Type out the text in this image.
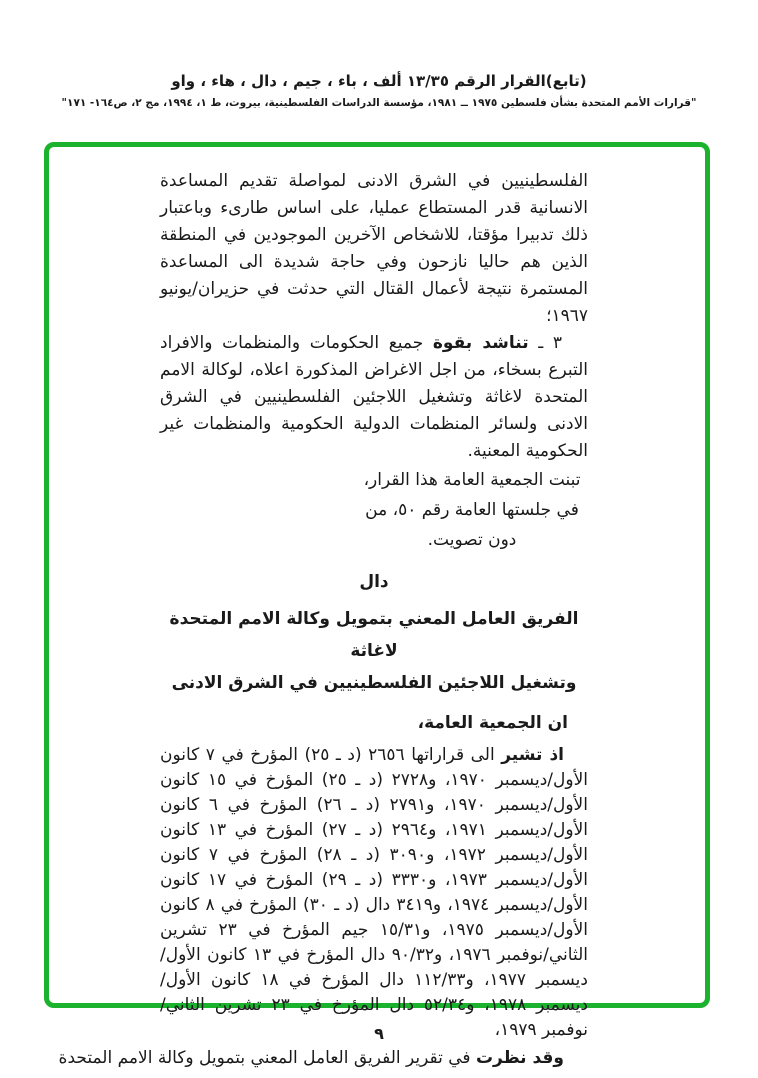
(تابع)القرار الرقم ١٣/٣٥ ألف ، باء ، جيم ، دال ، هاء ، واو
"قرارات الأمم المتحدة بشأن فلسطين ١٩٧٥ ــ ١٩٨١، مؤسسة الدراسات الفلسطينية، بيروت، ط ١، ١٩٩٤، مج ٢، ص١٦٤- ١٧١"

الفلسطينيين في الشرق الادنى لمواصلة تقديم المساعدة الانسانية قدر المستطاع عمليا، على اساس طارىء وباعتبار ذلك تدبيرا مؤقتا، للاشخاص الآخرين الموجودين في المنطقة الذين هم حاليا نازحون وفي حاجة شديدة الى المساعدة المستمرة نتيجة لأعمال القتال التي حدثت في حزيران/يونيو ١٩٦٧؛

٣ ـ تناشد بقوة جميع الحكومات والمنظمات والافراد التبرع بسخاء، من اجل الاغراض المذكورة اعلاه، لوكالة الامم المتحدة لاغاثة وتشغيل اللاجئين الفلسطينيين في الشرق الادنى ولسائر المنظمات الدولية الحكومية والمنظمات غير الحكومية المعنية.

تبنت الجمعية العامة هذا القرار، في جلستها العامة رقم ٥٠، من دون تصويت.

دال

الفريق العامل المعني بتمويل وكالة الامم المتحدة لاغاثة
وتشغيل اللاجئين الفلسطينيين في الشرق الادنى

ان الجمعية العامة،

اذ تشير الى قراراتها ٢٦٥٦ (د ـ ٢٥) المؤرخ في ٧ كانون الأول/ديسمبر ١٩٧٠، و٢٧٢٨ (د ـ ٢٥) المؤرخ في ١٥ كانون الأول/ديسمبر ١٩٧٠، و٢٧٩١ (د ـ ٢٦) المؤرخ في ٦ كانون الأول/ديسمبر ١٩٧١، و٢٩٦٤ (د ـ ٢٧) المؤرخ في ١٣ كانون الأول/ديسمبر ١٩٧٢، و٣٠٩٠ (د ـ ٢٨) المؤرخ في ٧ كانون الأول/ديسمبر ١٩٧٣، و٣٣٣٠ (د ـ ٢٩) المؤرخ في ١٧ كانون الأول/ديسمبر ١٩٧٤، و٣٤١٩ دال (د ـ ٣٠) المؤرخ في ٨ كانون الأول/ديسمبر ١٩٧٥، و١٥/٣١ جيم المؤرخ في ٢٣ تشرين الثاني/نوفمبر ١٩٧٦، و٩٠/٣٢ دال المؤرخ في ١٣ كانون الأول/ديسمبر ١٩٧٧، و١١٢/٣٣ دال المؤرخ في ١٨ كانون الأول/ديسمبر ١٩٧٨، و٥٢/٣٤ دال المؤرخ في ٢٣ تشرين الثاني/نوفمبر ١٩٧٩،

وقد نظرت في تقرير الفريق العامل المعني بتمويل وكالة الامم المتحدة

٩
